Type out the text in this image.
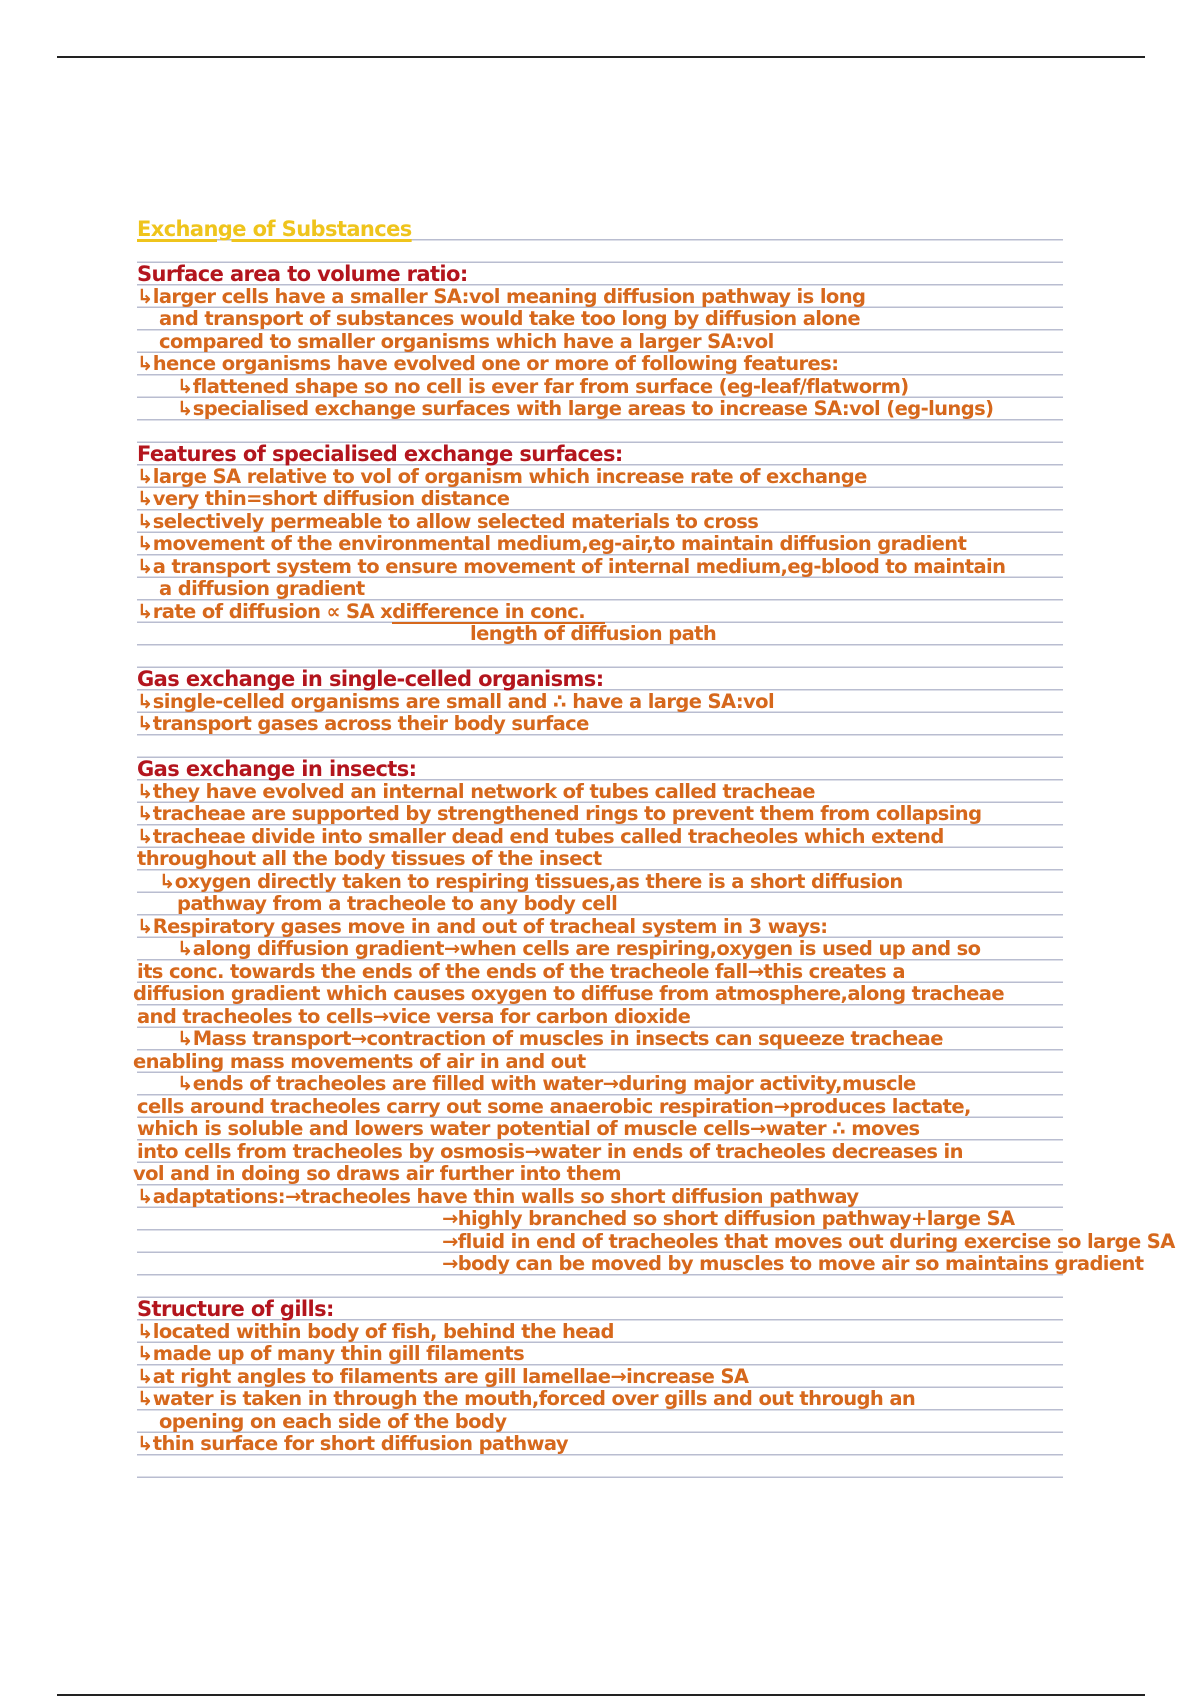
Exchange of Substances
Surface area to volume ratio:
↳larger cells have a smaller SA:vol meaning diffusion pathway is long
and transport of substances would take too long by diffusion alone
compared to smaller organisms which have a larger SA:vol
↳hence organisms have evolved one or more of following features:
↳flattened shape so no cell is ever far from surface (eg-leaf/flatworm)
↳specialised exchange surfaces with large areas to increase SA:vol (eg-lungs)
Features of specialised exchange surfaces:
↳large SA relative to vol of organism which increase rate of exchange
↳very thin=short diffusion distance
↳selectively permeable to allow selected materials to cross
↳movement of the environmental medium,eg-air,to maintain diffusion gradient
↳a transport system to ensure movement of internal medium,eg-blood to maintain
a diffusion gradient
↳rate of diffusion ∝ SA xdifference in conc.
length of diffusion path
Gas exchange in single-celled organisms:
↳single-celled organisms are small and ∴ have a large SA:vol
↳transport gases across their body surface
Gas exchange in insects:
↳they have evolved an internal network of tubes called tracheae
↳tracheae are supported by strengthened rings to prevent them from collapsing
↳tracheae divide into smaller dead end tubes called tracheoles which extend
throughout all the body tissues of the insect
↳oxygen directly taken to respiring tissues,as there is a short diffusion
pathway from a tracheole to any body cell
↳Respiratory gases move in and out of tracheal system in 3 ways:
↳along diffusion gradient→when cells are respiring,oxygen is used up and so
its conc. towards the ends of the ends of the tracheole fall→this creates a
diffusion gradient which causes oxygen to diffuse from atmosphere,along tracheae
and tracheoles to cells→vice versa for carbon dioxide
↳Mass transport→contraction of muscles in insects can squeeze tracheae
enabling mass movements of air in and out
↳ends of tracheoles are filled with water→during major activity,muscle
cells around tracheoles carry out some anaerobic respiration→produces lactate,
which is soluble and lowers water potential of muscle cells→water ∴ moves
into cells from tracheoles by osmosis→water in ends of tracheoles decreases in
vol and in doing so draws air further into them
↳adaptations:→tracheoles have thin walls so short diffusion pathway
→highly branched so short diffusion pathway+large SA
→fluid in end of tracheoles that moves out during exercise so large SA
→body can be moved by muscles to move air so maintains gradient
Structure of gills:
↳located within body of fish, behind the head
↳made up of many thin gill filaments
↳at right angles to filaments are gill lamellae→increase SA
↳water is taken in through the mouth,forced over gills and out through an
opening on each side of the body
↳thin surface for short diffusion pathway
